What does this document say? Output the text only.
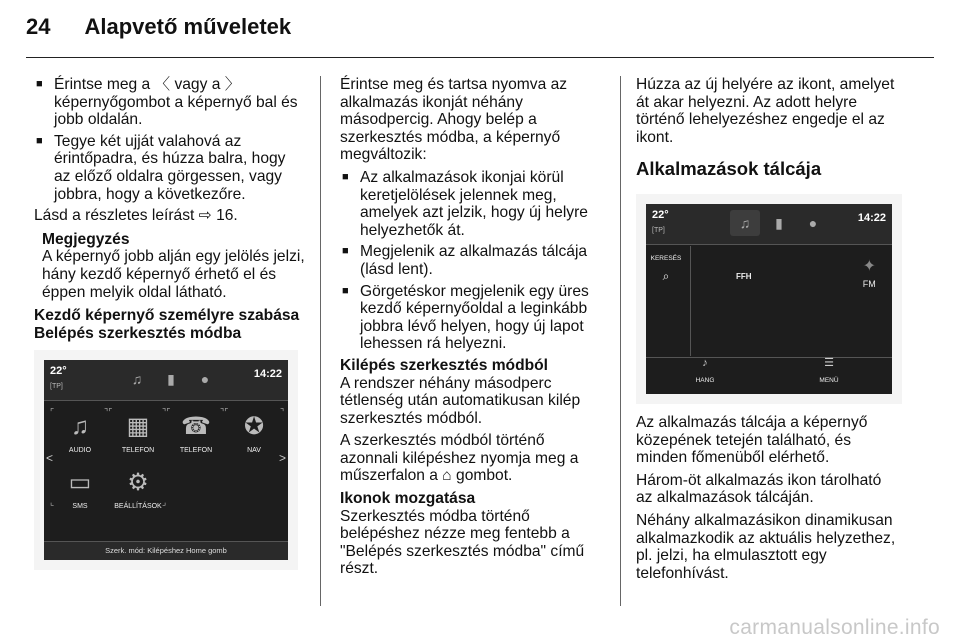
24 Alapvető műveletek
■ Érintse meg a 〈 vagy a 〉 képernyőgombot a képernyő bal és jobb oldalán.
■ Tegye két ujját valahová az érintőpadra, és húzza balra, hogy az előző oldalra görgessen, vagy jobbra, hogy a következőre.

Lásd a részletes leírást ⇨ 16.

Megjegyzés
A képernyő jobb alján egy jelölés jelzi, hány kezdő képernyő érhető el és éppen melyik oldal látható.
Kezdő képernyő személyre szabása
Belépés szerkesztés módba
22°
[TP]	♫	▮	●	14:22
<	>
⌜	⌝⌜	⌝⌜	⌝⌜	⌝
⌞	⌟
♫
AUDIO
▦
TELEFON
☎
TELEFON
✪
NAV
▭
SMS
⚙
BEÁLLÍTÁSOK
Szerk. mód: Kilépéshez Home gomb

Érintse meg és tartsa nyomva az alkalmazás ikonját néhány másodpercig. Ahogy belép a szerkesztés módba, a képernyő megváltozik:

■ Az alkalmazások ikonjai körül keretjelölések jelennek meg, amelyek azt jelzik, hogy új helyre helyezhetők át.
■ Megjelenik az alkalmazás tálcája (lásd lent).
■ Görgetéskor megjelenik egy üres kezdő képernyőoldal a leginkább jobbra lévő helyen, hogy új lapot lehessen rá helyezni.
Kilépés szerkesztés módból

A rendszer néhány másodperc tétlenség után automatikusan kilép szerkesztés módból.

A szerkesztés módból történő azonnali kilépéshez nyomja meg a műszerfalon a ⌂ gombot.

Ikonok mozgatása

Szerkesztés módba történő belépéshez nézze meg fentebb a "Belépés szerkesztés módba" című részt.

Húzza az új helyére az ikont, amelyet át akar helyezni. Az adott helyre történő lehelyezéshez engedje el az ikont.

Alkalmazások tálcája
22°
[TP]	♫	▮	●	14:22
KERESÉS
⌕	FFH
✦
FM
♪
HANG
☰
MENÜ

Az alkalmazás tálcája a képernyő közepének tetején található, és minden főmenüből elérhető.

Három-öt alkalmazás ikon tárolható az alkalmazások tálcáján.

Néhány alkalmazásikon dinamikusan alkalmazkodik az aktuális helyzethez, pl. jelzi, ha elmulasztott egy telefonhívást.

carmanualsonline.info
